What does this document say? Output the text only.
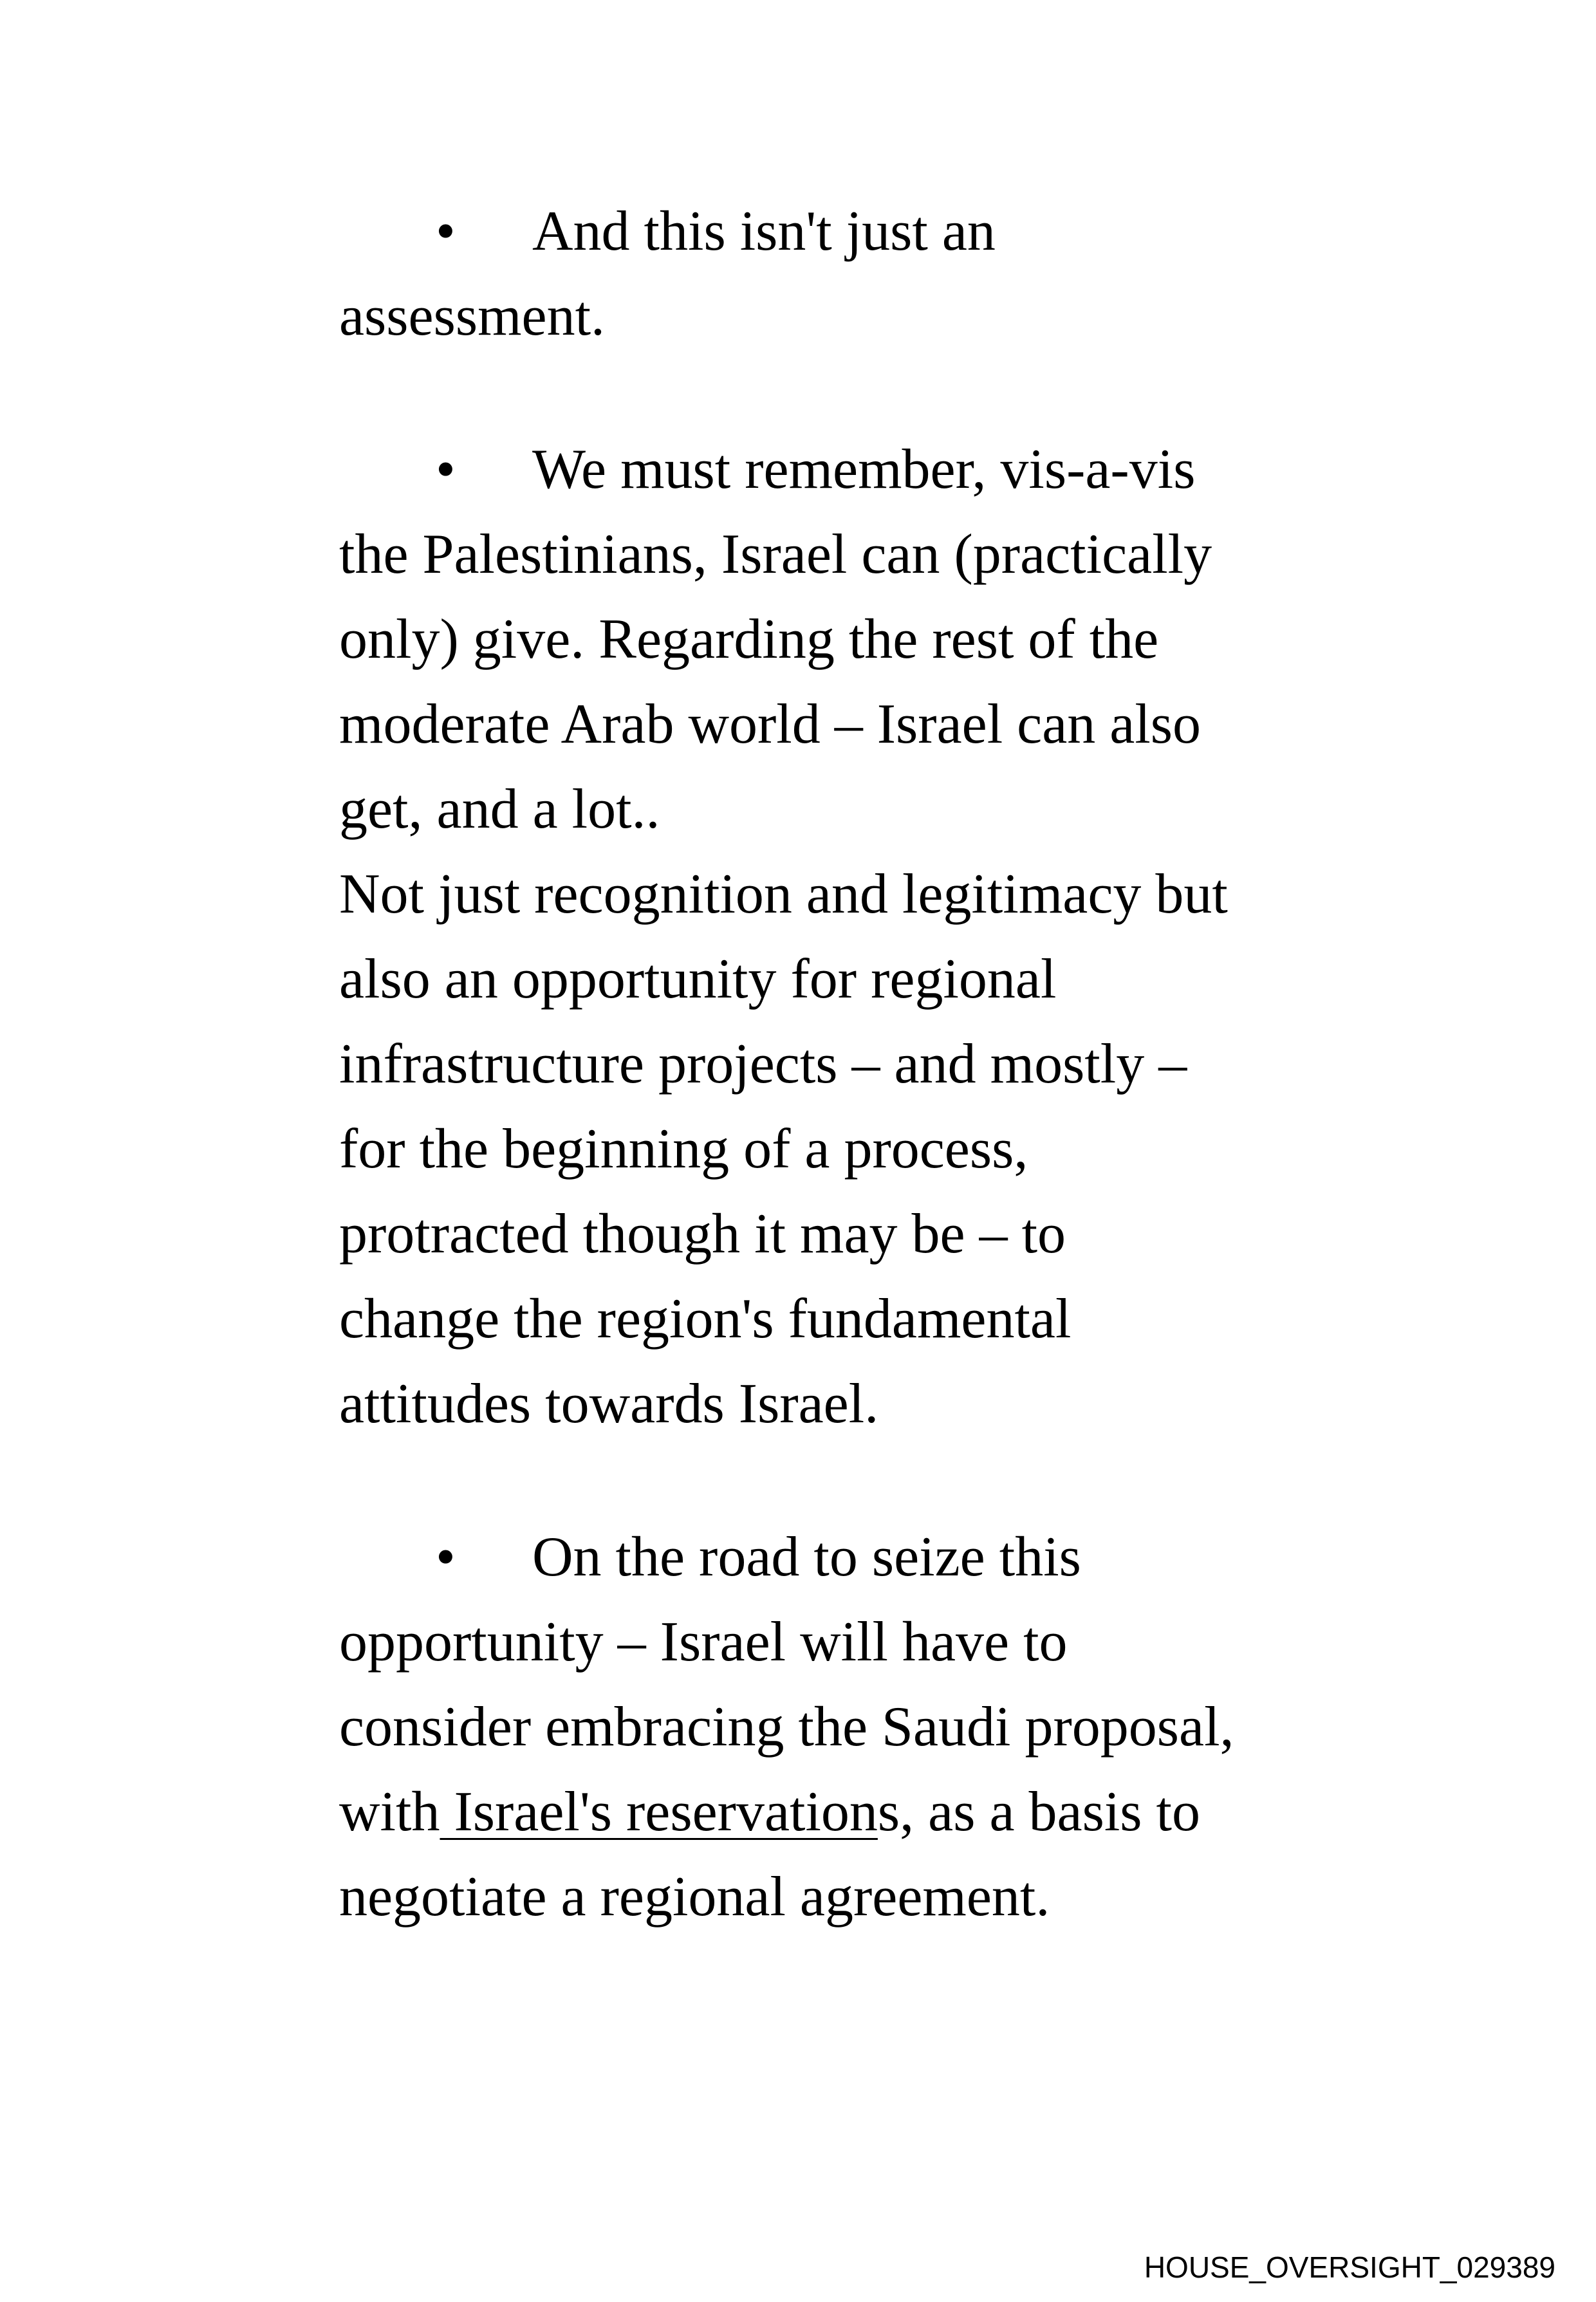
• And this isn't just an
assessment.
• We must remember, vis-a-vis
the Palestinians, Israel can (practically
only) give. Regarding the rest of the
moderate Arab world – Israel can also
get, and a lot..
Not just recognition and legitimacy but
also an opportunity for regional
infrastructure projects – and mostly –
for the beginning of a process,
protracted though it may be – to
change the region's fundamental
attitudes towards Israel.
• On the road to seize this
opportunity – Israel will have to
consider embracing the Saudi proposal,
with Israel's reservations, as a basis to
negotiate a regional agreement.
HOUSE_OVERSIGHT_029389
